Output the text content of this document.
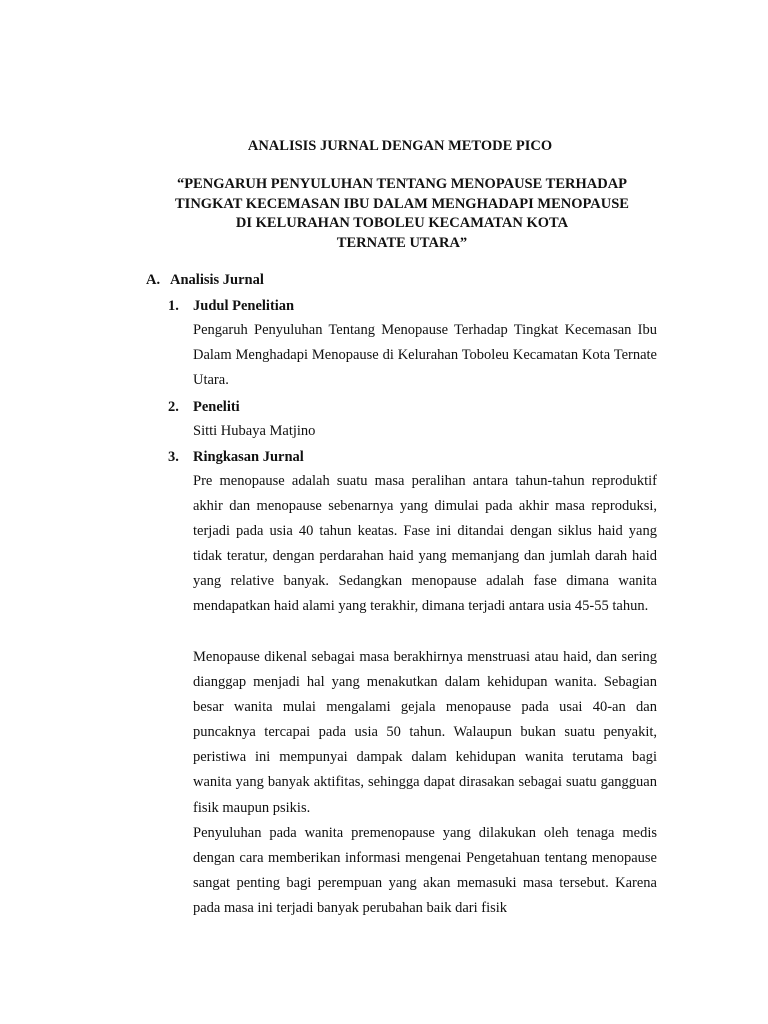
ANALISIS JURNAL DENGAN METODE PICO
“PENGARUH PENYULUHAN TENTANG MENOPAUSE TERHADAP
TINGKAT KECEMASAN IBU DALAM MENGHADAPI MENOPAUSE
DI KELURAHAN TOBOLEU KECAMATAN KOTA
TERNATE UTARA”
A. Analisis Jurnal
1. Judul Penelitian

Pengaruh Penyuluhan Tentang Menopause Terhadap Tingkat Kecemasan Ibu Dalam Menghadapi Menopause di Kelurahan Toboleu Kecamatan Kota Ternate Utara.

2. Peneliti

Sitti Hubaya Matjino

3. Ringkasan Jurnal

Pre menopause adalah suatu masa peralihan antara tahun-tahun reproduktif akhir dan menopause sebenarnya yang dimulai pada akhir masa reproduksi, terjadi pada usia 40 tahun keatas. Fase ini ditandai dengan siklus haid yang tidak teratur, dengan perdarahan haid yang memanjang dan jumlah darah haid yang relative banyak. Sedangkan menopause adalah fase dimana wanita mendapatkan haid alami yang terakhir, dimana terjadi antara usia 45-55 tahun.

Menopause dikenal sebagai masa berakhirnya menstruasi atau haid, dan sering dianggap menjadi hal yang menakutkan dalam kehidupan wanita. Sebagian besar wanita mulai mengalami gejala menopause pada usai 40-an dan puncaknya tercapai pada usia 50 tahun. Walaupun bukan suatu penyakit, peristiwa ini mempunyai dampak dalam kehidupan wanita terutama bagi wanita yang banyak aktifitas, sehingga dapat dirasakan sebagai suatu gangguan fisik maupun psikis.

Penyuluhan pada wanita premenopause yang dilakukan oleh tenaga medis dengan cara memberikan informasi mengenai Pengetahuan tentang menopause sangat penting bagi perempuan yang akan memasuki masa tersebut. Karena pada masa ini terjadi banyak perubahan baik dari fisik
